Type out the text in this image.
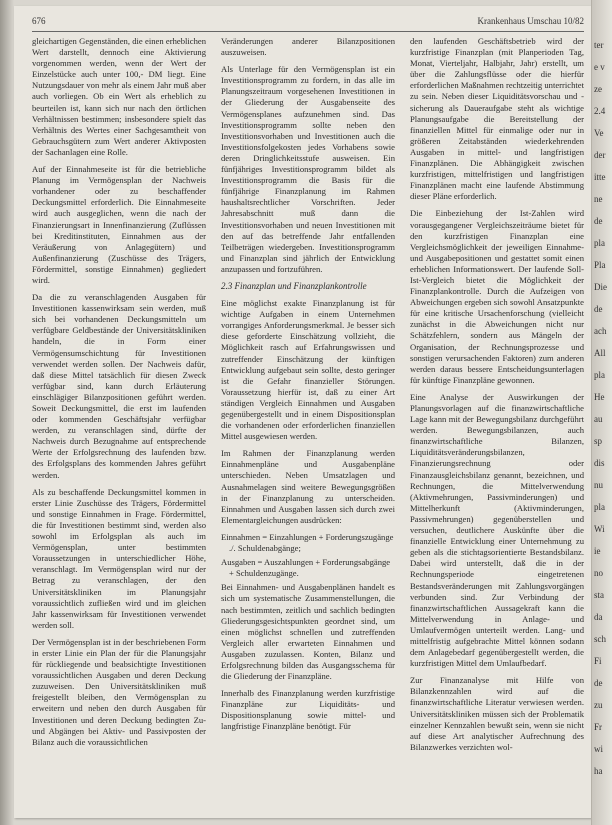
676	Krankenhaus Umschau 10/82

gleichartigen Gegenständen, die einen erheblichen Wert darstellt, dennoch eine Aktivierung vorgenommen werden, wenn der Wert der Einzelstücke auch unter 100,- DM liegt. Eine Nutzungsdauer von mehr als einem Jahr muß aber auch vorliegen. Ob ein Wert als erheblich zu beurteilen ist, kann sich nur nach den örtlichen Verhältnissen bestimmen; insbesondere spielt das Verhältnis des Wertes einer Sachgesamtheit von Gebrauchsgütern zum Wert anderer Aktivposten der Sachanlagen eine Rolle.

Auf der Einnahmeseite ist für die betriebliche Planung im Vermögensplan der Nachweis vorhandener oder zu beschaffender Deckungsmittel erforderlich. Die Einnahmeseite wird auch ausgeglichen, wenn die nach der Finanzierungsart in Innenfinanzierung (Zuflüssen bei Kreditinstituten, Einnahmen aus der Veräußerung von Anlagegütern) und Außenfinanzierung (Zuschüsse des Trägers, Fördermittel, sonstige Einnahmen) gegliedert wird.

Da die zu veranschlagenden Ausgaben für Investitionen kassenwirksam sein werden, muß sich bei vorhandenen Deckungsmitteln um verfügbare Geldbestände der Universitätskliniken handeln, die in Form einer Vermögensumschichtung für Investitionen verwendet werden sollen. Der Nachweis dafür, daß diese Mittel tatsächlich für diesen Zweck verfügbar sind, kann durch Erläuterung einschlägiger Bilanzpositionen geführt werden. Soweit Deckungsmittel, die erst im laufenden oder kommenden Geschäftsjahr verfügbar werden, zu veranschlagen sind, dürfte der Nachweis durch Bezugnahme auf entsprechende Werte der Erfolgsrechnung des laufenden bzw. des Erfolgsplans des kommenden Jahres geführt werden.

Als zu beschaffende Deckungsmittel kommen in erster Linie Zuschüsse des Trägers, Fördermittel und sonstige Einnahmen in Frage. Fördermittel, die für Investitionen bestimmt sind, werden also sowohl im Erfolgsplan als auch im Vermögensplan, unter bestimmten Voraussetzungen in unterschiedlicher Höhe, veranschlagt. Im Vermögensplan wird nur der Betrag zu veranschlagen, der den Universitätskliniken im Planungsjahr voraussichtlich zufließen wird und im gleichen Jahr kassenwirksam für Investitionen verwendet werden soll.

Der Vermögensplan ist in der beschriebenen Form in erster Linie ein Plan der für die Planungsjahr für rückliegende und beabsichtigte Investitionen voraussichtlichen Ausgaben und deren Deckung zuzuweisen. Den Universitätskliniken muß freigestellt bleiben, den Vermögensplan zu erweitern und neben den durch Ausgaben für Investitionen und deren Deckung bedingten Zu- und Abgängen bei Aktiv- und Passivposten der Bilanz auch die voraussichtlichen

Veränderungen anderer Bilanzpositionen auszuweisen.

Als Unterlage für den Vermögensplan ist ein Investitionsprogramm zu fordern, in das alle im Planungszeitraum vorgesehenen Investitionen in der Gliederung der Ausgabenseite des Vermögensplanes aufzunehmen sind. Das Investitionsprogramm sollte neben den Investitionsvorhaben und Investitionen auch die Investitionsfolgekosten jedes Vorhabens sowie deren Dringlichkeitsstufe ausweisen. Ein fünfjähriges Investitionsprogramm bildet als Investitionsprogramm die Basis für die fünfjährige Finanzplanung im Rahmen haushaltsrechtlicher Vorschriften. Jeder Jahresabschnitt muß dann die Investitionsvorhaben und neuen Investitionen mit den auf das betreffende Jahr entfallenden Teilbeträgen wiedergeben. Investitionsprogramm und Finanzplan sind jährlich der Entwicklung anzupassen und fortzuführen.

2.3 Finanzplan und Finanzplankontrolle

Eine möglichst exakte Finanzplanung ist für wichtige Aufgaben in einem Unternehmen vorrangiges Anforderungsmerkmal. Je besser sich diese geforderte Einschätzung vollzieht, die Möglichkeit rasch auf Erfahrungswissen und zutreffender Einschätzung der künftigen Entwicklung aufgebaut sein sollte, desto geringer ist die Gefahr finanzieller Störungen. Voraussetzung hierfür ist, daß zu einer Art ständigen Vergleich Einnahmen und Ausgaben gegenübergestellt und in einem Dispositionsplan die vorhandenen oder erforderlichen finanziellen Mittel ausgewiesen werden.

Im Rahmen der Finanzplanung werden Einnahmenpläne und Ausgabenpläne unterschieden. Neben Umsatzlagen und Ausnahmelagen sind weitere Bewegungsgrößen in der Finanzplanung zu unterscheiden. Einnahmen und Ausgaben lassen sich durch zwei Elementargleichungen ausdrücken:

Einnahmen = Einzahlungen + Forderungszugänge ./. Schuldenabgänge;

Ausgaben = Auszahlungen + Forderungsabgänge + Schuldenzugänge.

Bei Einnahmen- und Ausgabenplänen handelt es sich um systematische Zusammenstellungen, die nach bestimmten, zeitlich und sachlich bedingten Gliederungsgesichtspunkten geordnet sind, um einen möglichst schnellen und zutreffenden Vergleich aller erwarteten Einnahmen und Ausgaben zuzulassen. Konten, Bilanz und Erfolgsrechnung bilden das Ausgangsschema für die Gliederung der Finanzpläne.

Innerhalb des Finanzplanung werden kurzfristige Finanzpläne zur Liquiditäts- und Dispositionsplanung sowie mittel- und langfristige Finanzpläne benötigt. Für

den laufenden Geschäftsbetrieb wird der kurzfristige Finanzplan (mit Planperioden Tag, Monat, Vierteljahr, Halbjahr, Jahr) erstellt, um über die Zahlungsflüsse oder die hierfür erforderlichen Maßnahmen rechtzeitig unterrichtet zu sein. Neben dieser Liquiditätsvorschau und -sicherung als Daueraufgabe steht als wichtige Planungsaufgabe die Bereitstellung der finanziellen Mittel für einmalige oder nur in größeren Zeitabständen wiederkehrenden Ausgaben in mittel- und langfristigen Finanzplänen. Die Abhängigkeit zwischen kurzfristigen, mittelfristigen und langfristigen Finanzplänen macht eine laufende Abstimmung dieser Pläne erforderlich.

Die Einbeziehung der Ist-Zahlen wird vorausgegangener Vergleichszeiträume bietet für den kurzfristigen Finanzplan eine Vergleichsmöglichkeit der jeweiligen Einnahme- und Ausgabepositionen und gestattet somit einen erheblichen Informationswert. Der laufende Soll-Ist-Vergleich bietet die Möglichkeit der Finanzplankontrolle. Durch die Aufzeigen von Abweichungen ergeben sich sowohl Ansatzpunkte für eine kritische Ursachenforschung (vielleicht zunächst in die Abweichungen nicht nur Schätzfehlern, sondern aus Mängeln der Organisation, der Rechnungsprozesse und sonstigen verursachenden Faktoren) zum anderen werden daraus bessere Entscheidungsunterlagen für künftige Finanzpläne gewonnen.

Eine Analyse der Auswirkungen der Planungsvorlagen auf die finanzwirtschaftliche Lage kann mit der Bewegungsbilanz durchgeführt werden. Bewegungsbilanzen, auch finanzwirtschaftliche Bilanzen, Liquiditätsveränderungsbilanzen, Finanzierungsrechnung oder Finanzausgleichsbilanz genannt, bezeichnen, und Rechnungen, die Mittelverwendung (Aktivmehrungen, Passivminderungen) und Mittelherkunft (Aktivminderungen, Passivmehrungen) gegenüberstellen und versuchen, deutlichere Auskünfte über die finanzielle Entwicklung einer Unternehmung zu geben als die stichtagsorientierte Bestandsbilanz. Dabei wird unterstellt, daß die in der Rechnungsperiode eingetretenen Bestandsveränderungen mit Zahlungsvorgängen verbunden sind. Zur Verbindung der finanzwirtschaftlichen Aussagekraft kann die Mittelverwendung in Anlage- und Umlaufvermögen unterteilt werden. Lang- und mittelfristig aufgebrachte Mittel können sodann dem Anlagebedarf gegenübergestellt werden, die kurzfristigen Mittel dem Umlaufbedarf.

Zur Finanzanalyse mit Hilfe von Bilanzkennzahlen wird auf die finanzwirtschaftliche Literatur verwiesen werden. Universitätskliniken müssen sich der Problematik einzelner Kennzahlen bewußt sein, wenn sie nicht auf diese Art analytischer Aufrechnung des Bilanzwerkes verzichten wol-

ter
e v
ze
2.4
Ve
der
itte
ne
de
pla
Pla
Die
de
ach
All
pla
He
au
sp
dis
nu
pla
Wi
ie
no
sta
da
sch
Fi
de
zu
Fr
wi
ha
